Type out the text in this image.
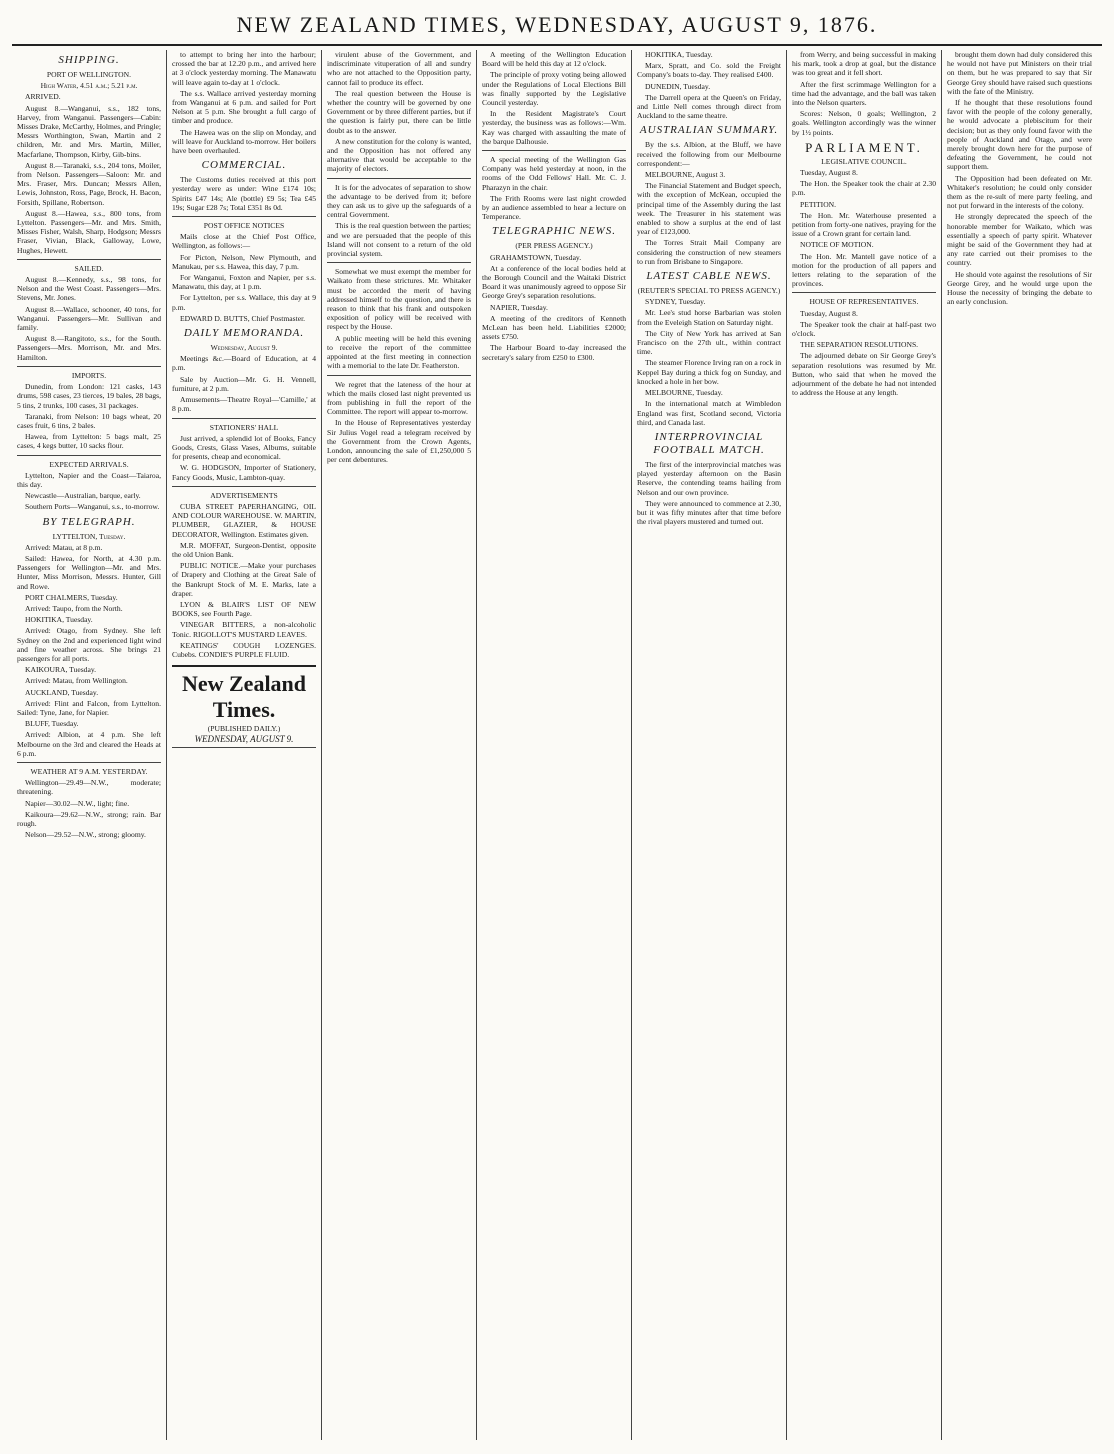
NEW ZEALAND TIMES, WEDNESDAY, AUGUST 9, 1876.
SHIPPING.
PORT OF WELLINGTON.
High Water, 4.51 a.m.; 5.21 p.m.

ARRIVED.

August 8.—Wanganui, s.s., 182 tons, Harvey, from Wanganui. Passengers—Cabin: Misses Drake, McCarthy, Holmes, and Pringle; Messrs Worthington, Swan, Martin and 2 children, Mr. and Mrs. Martin, Miller, Macfarlane, Thompson, Kirby, Gib-bins.

August 8.—Taranaki, s.s., 204 tons, Moiler, from Nelson. Passengers—Saloon: Mr. and Mrs. Fraser, Mrs. Duncan; Messrs Allen, Lewis, Johnston, Ross, Page, Brock, H. Bacon, Forsith, Spillane, Robertson.

August 8.—Hawea, s.s., 800 tons, from Lyttelton. Passengers—Mr. and Mrs. Smith, Misses Fisher, Walsh, Sharp, Hodgson; Messrs Fraser, Vivian, Black, Galloway, Lowe, Hughes, Hewett.

SAILED.

August 8.—Kennedy, s.s., 98 tons, for Nelson and the West Coast. Passengers—Mrs. Stevens, Mr. Jones.

August 8.—Wallace, schooner, 40 tons, for Wanganui. Passengers—Mr. Sullivan and family.

August 8.—Rangitoto, s.s., for the South. Passengers—Mrs. Morrison, Mr. and Mrs. Hamilton.

IMPORTS.

Dunedin, from London: 121 casks, 143 drums, 598 cases, 23 tierces, 19 bales, 28 bags, 5 tins, 2 trunks, 100 cases, 31 packages.

Taranaki, from Nelson: 10 bags wheat, 20 cases fruit, 6 tins, 2 bales.

Hawea, from Lyttelton: 5 bags malt, 25 cases, 4 kegs butter, 10 sacks flour.

EXPECTED ARRIVALS.

Lyttelton, Napier and the Coast—Taiaroa, this day.

Newcastle—Australian, barque, early.

Southern Ports—Wanganui, s.s., to-morrow.

BY TELEGRAPH.
LYTTELTON, Tuesday.

Arrived: Matau, at 8 p.m.

Sailed: Hawea, for North, at 4.30 p.m. Passengers for Wellington—Mr. and Mrs. Hunter, Miss Morrison, Messrs. Hunter, Gill and Rowe.

PORT CHALMERS, Tuesday.

Arrived: Taupo, from the North.

HOKITIKA, Tuesday.

Arrived: Otago, from Sydney. She left Sydney on the 2nd and experienced light wind and fine weather across. She brings 21 passengers for all ports.

KAIKOURA, Tuesday.

Arrived: Matau, from Wellington.

AUCKLAND, Tuesday.

Arrived: Flint and Falcon, from Lyttelton. Sailed: Tyne, Jane, for Napier.

BLUFF, Tuesday.

Arrived: Albion, at 4 p.m. She left Melbourne on the 3rd and cleared the Heads at 6 p.m.

WEATHER AT 9 A.M. YESTERDAY.

Wellington—29.49—N.W., moderate; threatening.

Napier—30.02—N.W., light; fine.

Kaikoura—29.62—N.W., strong; rain. Bar rough.

Nelson—29.52—N.W., strong; gloomy.

to attempt to bring her into the harbour; crossed the bar at 12.20 p.m., and arrived here at 3 o'clock yesterday morning. The Manawatu will leave again to-day at 1 o'clock.

The s.s. Wallace arrived yesterday morning from Wanganui at 6 p.m. and sailed for Port Nelson at 5 p.m. She brought a full cargo of timber and produce.

The Hawea was on the slip on Monday, and will leave for Auckland to-morrow. Her boilers have been overhauled.

COMMERCIAL.

The Customs duties received at this port yesterday were as under: Wine £174 10s; Spirits £47 14s; Ale (bottle) £9 5s; Tea £45 19s; Sugar £28 7s; Total £351 8s 0d.

POST OFFICE NOTICES

Mails close at the Chief Post Office, Wellington, as follows:—

For Picton, Nelson, New Plymouth, and Manukau, per s.s. Hawea, this day, 7 p.m.

For Wanganui, Foxton and Napier, per s.s. Manawatu, this day, at 1 p.m.

For Lyttelton, per s.s. Wallace, this day at 9 p.m.

EDWARD D. BUTTS, Chief Postmaster.

DAILY MEMORANDA.
Wednesday, August 9.

Meetings &c.—Board of Education, at 4 p.m.

Sale by Auction—Mr. G. H. Vennell, furniture, at 2 p.m.

Amusements—Theatre Royal—'Camille,' at 8 p.m.

STATIONERS' HALL

Just arrived, a splendid lot of Books, Fancy Goods, Crests, Glass Vases, Albums, suitable for presents, cheap and economical.

W. G. HODGSON, Importer of Stationery, Fancy Goods, Music, Lambton-quay.

ADVERTISEMENTS

CUBA STREET PAPERHANGING, OIL AND COLOUR WAREHOUSE. W. MARTIN, PLUMBER, GLAZIER, & HOUSE DECORATOR, Wellington. Estimates given.

M.R. MOFFAT, Surgeon-Dentist, opposite the old Union Bank.

PUBLIC NOTICE.—Make your purchases of Drapery and Clothing at the Great Sale of the Bankrupt Stock of M. E. Marks, late a draper.

LYON & BLAIR'S LIST OF NEW BOOKS, see Fourth Page.

VINEGAR BITTERS, a non-alcoholic Tonic. RIGOLLOT'S MUSTARD LEAVES.

KEATINGS' COUGH LOZENGES. Cubebs. CONDIE'S PURPLE FLUID.

New Zealand Times.
(PUBLISHED DAILY.)
WEDNESDAY, AUGUST 9.

virulent abuse of the Government, and indiscriminate vituperation of all and sundry who are not attached to the Opposition party, cannot fail to produce its effect.

The real question between the House is whether the country will be governed by one Government or by three different parties, but if the question is fairly put, there can be little doubt as to the answer.

A new constitution for the colony is wanted, and the Opposition has not offered any alternative that would be acceptable to the majority of electors.

It is for the advocates of separation to show the advantage to be derived from it; before they can ask us to give up the safeguards of a central Government.

This is the real question between the parties; and we are persuaded that the people of this Island will not consent to a return of the old provincial system.

Somewhat we must exempt the member for Waikato from these strictures. Mr. Whitaker must be accorded the merit of having addressed himself to the question, and there is reason to think that his frank and outspoken exposition of policy will be received with respect by the House.

A public meeting will be held this evening to receive the report of the committee appointed at the first meeting in connection with a memorial to the late Dr. Featherston.

We regret that the lateness of the hour at which the mails closed last night prevented us from publishing in full the report of the Committee. The report will appear to-morrow.

In the House of Representatives yesterday Sir Julius Vogel read a telegram received by the Government from the Crown Agents, London, announcing the sale of £1,250,000 5 per cent debentures.

A meeting of the Wellington Education Board will be held this day at 12 o'clock.

The principle of proxy voting being allowed under the Regulations of Local Elections Bill was finally supported by the Legislative Council yesterday.

In the Resident Magistrate's Court yesterday, the business was as follows:—Wm. Kay was charged with assaulting the mate of the barque Dalhousie.

A special meeting of the Wellington Gas Company was held yesterday at noon, in the rooms of the Odd Fellows' Hall. Mr. C. J. Pharazyn in the chair.

The Frith Rooms were last night crowded by an audience assembled to hear a lecture on Temperance.

TELEGRAPHIC NEWS.
(PER PRESS AGENCY.)

GRAHAMSTOWN, Tuesday.

At a conference of the local bodies held at the Borough Council and the Waitaki District Board it was unanimously agreed to oppose Sir George Grey's separation resolutions.

NAPIER, Tuesday.

A meeting of the creditors of Kenneth McLean has been held. Liabilities £2000; assets £750.

The Harbour Board to-day increased the secretary's salary from £250 to £300.

HOKITIKA, Tuesday.

Marx, Spratt, and Co. sold the Freight Company's boats to-day. They realised £400.

DUNEDIN, Tuesday.

The Darrell opera at the Queen's on Friday, and Little Nell comes through direct from Auckland to the same theatre.

AUSTRALIAN SUMMARY.

By the s.s. Albion, at the Bluff, we have received the following from our Melbourne correspondent:—

MELBOURNE, August 3.

The Financial Statement and Budget speech, with the exception of McKean, occupied the principal time of the Assembly during the last week. The Treasurer in his statement was enabled to show a surplus at the end of last year of £123,000.

The Torres Strait Mail Company are considering the construction of new steamers to run from Brisbane to Singapore.

LATEST CABLE NEWS.
(REUTER'S SPECIAL TO PRESS AGENCY.)

SYDNEY, Tuesday.

Mr. Lee's stud horse Barbarian was stolen from the Eveleigh Station on Saturday night.

The City of New York has arrived at San Francisco on the 27th ult., within contract time.

The steamer Florence Irving ran on a rock in Keppel Bay during a thick fog on Sunday, and knocked a hole in her bow.

MELBOURNE, Tuesday.

In the international match at Wimbledon England was first, Scotland second, Victoria third, and Canada last.

INTERPROVINCIAL FOOTBALL MATCH.

The first of the interprovincial matches was played yesterday afternoon on the Basin Reserve, the contending teams hailing from Nelson and our own province.

They were announced to commence at 2.30, but it was fifty minutes after that time before the rival players mustered and turned out.

from Werry, and being successful in making his mark, took a drop at goal, but the distance was too great and it fell short.

After the first scrimmage Wellington for a time had the advantage, and the ball was taken into the Nelson quarters.

Scores: Nelson, 0 goals; Wellington, 2 goals. Wellington accordingly was the winner by 1½ points.

PARLIAMENT.
LEGISLATIVE COUNCIL.

Tuesday, August 8.

The Hon. the Speaker took the chair at 2.30 p.m.

PETITION.

The Hon. Mr. Waterhouse presented a petition from forty-one natives, praying for the issue of a Crown grant for certain land.

NOTICE OF MOTION.

The Hon. Mr. Mantell gave notice of a motion for the production of all papers and letters relating to the separation of the provinces.

HOUSE OF REPRESENTATIVES.

Tuesday, August 8.

The Speaker took the chair at half-past two o'clock.

THE SEPARATION RESOLUTIONS.

The adjourned debate on Sir George Grey's separation resolutions was resumed by Mr. Button, who said that when he moved the adjournment of the debate he had not intended to address the House at any length.

brought them down had duly considered this he would not have put Ministers on their trial on them, but he was prepared to say that Sir George Grey should have raised such questions with the fate of the Ministry.

If he thought that these resolutions found favor with the people of the colony generally, he would advocate a plebiscitum for their decision; but as they only found favor with the people of Auckland and Otago, and were merely brought down here for the purpose of defeating the Government, he could not support them.

The Opposition had been defeated on Mr. Whitaker's resolution; he could only consider them as the re-sult of mere party feeling, and not put forward in the interests of the colony.

He strongly deprecated the speech of the honorable member for Waikato, which was essentially a speech of party spirit. Whatever might be said of the Government they had at any rate carried out their promises to the country.

He should vote against the resolutions of Sir George Grey, and he would urge upon the House the necessity of bringing the debate to an early conclusion.
